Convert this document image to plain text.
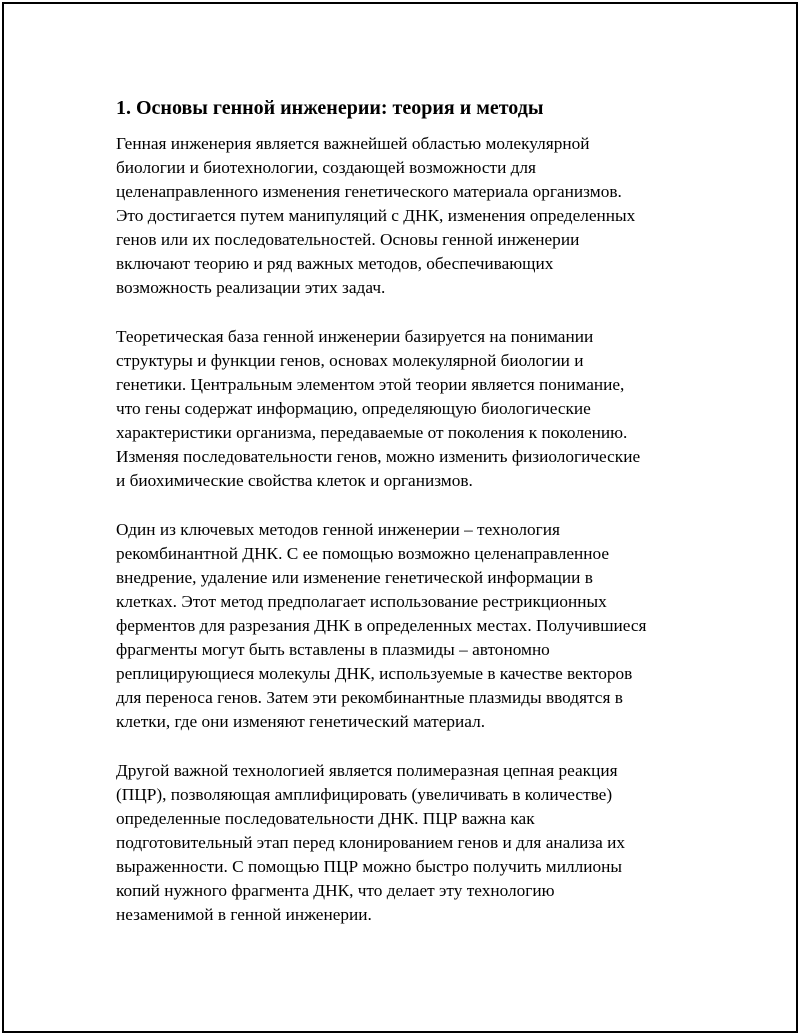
1. Основы генной инженерии: теория и методы

Генная инженерия является важнейшей областью молекулярной
биологии и биотехнологии, создающей возможности для
целенаправленного изменения генетического материала организмов.
Это достигается путем манипуляций с ДНК, изменения определенных
генов или их последовательностей. Основы генной инженерии
включают теорию и ряд важных методов, обеспечивающих
возможность реализации этих задач.

Теоретическая база генной инженерии базируется на понимании
структуры и функции генов, основах молекулярной биологии и
генетики. Центральным элементом этой теории является понимание,
что гены содержат информацию, определяющую биологические
характеристики организма, передаваемые от поколения к поколению.
Изменяя последовательности генов, можно изменить физиологические
и биохимические свойства клеток и организмов.

Один из ключевых методов генной инженерии – технология
рекомбинантной ДНК. С ее помощью возможно целенаправленное
внедрение, удаление или изменение генетической информации в
клетках. Этот метод предполагает использование рестрикционных
ферментов для разрезания ДНК в определенных местах. Получившиеся
фрагменты могут быть вставлены в плазмиды – автономно
реплицирующиеся молекулы ДНК, используемые в качестве векторов
для переноса генов. Затем эти рекомбинантные плазмиды вводятся в
клетки, где они изменяют генетический материал.

Другой важной технологией является полимеразная цепная реакция
(ПЦР), позволяющая амплифицировать (увеличивать в количестве)
определенные последовательности ДНК. ПЦР важна как
подготовительный этап перед клонированием генов и для анализа их
выраженности. С помощью ПЦР можно быстро получить миллионы
копий нужного фрагмента ДНК, что делает эту технологию
незаменимой в генной инженерии.
